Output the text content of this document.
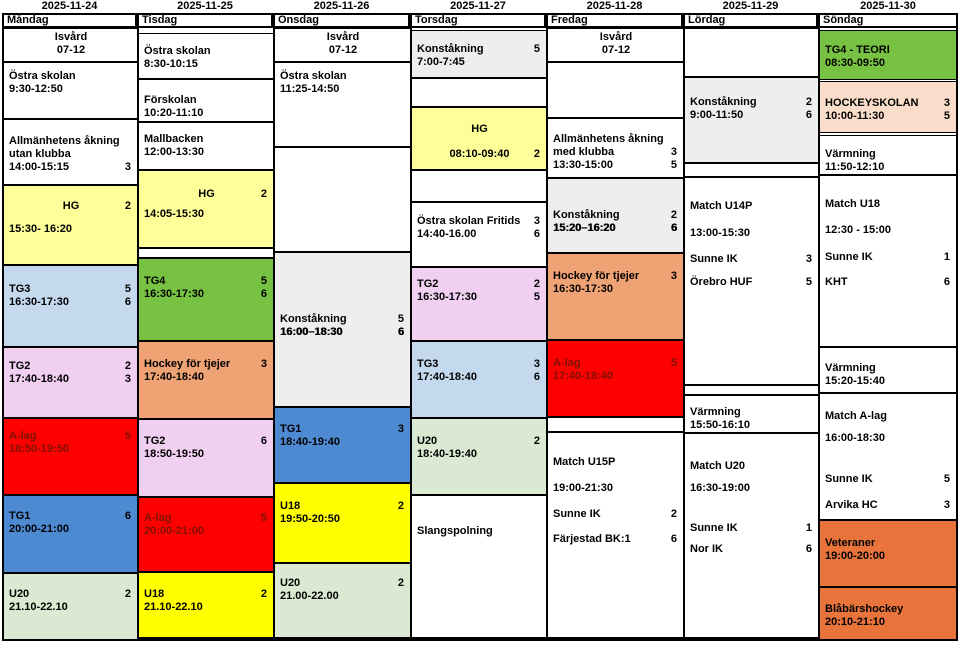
2025-11-24
Måndag
Isvård
07-12
Östra skolan
9:30-12:50
Allmänhetens åkning
utan klubba
14:00-15:15	3
HG	2
15:30- 16:20
TG3	5
16:30-17:30	6
TG2	2
17:40-18:40	3
A-lag	5
18:50-19:50
TG1	6
20:00-21:00
U20	2
21.10-22.10
2025-11-25
Tisdag
Östra skolan
8:30-10:15
Förskolan
10:20-11:10
Mallbacken
12:00-13:30
HG	2
14:05-15:30
TG4	5
16:30-17:30	6
Hockey för tjejer	3
17:40-18:40
TG2	6
18:50-19:50
A-lag	5
20:00-21:00
U18	2
21.10-22.10
2025-11-26
Onsdag
Isvård
07-12
Östra skolan
11:25-14:50
Konståkning	5
16:00–18:30	6
TG1	3
18:40-19:40
U18	2
19:50-20:50
U20	2
21.00-22.00
2025-11-27
Torsdag
Konståkning	5
7:00-7:45
HG
08:10-09:40	2
Östra skolan Fritids 3
14:40-16.00	6
TG2	2
16:30-17:30	5
TG3	3
17:40-18:40	6
U20	2
18:40-19:40
Slangspolning
2025-11-28
Fredag
Isvård
07-12
Allmänhetens åkning
med klubba	3
13:30-15:00	5
Konståkning	2
15:20–16:20	6
Hockey för tjejer	3
16:30-17:30
A-lag	5
17:40-18:40
Match U15P
19:00-21:30
Sunne IK	2
Färjestad BK:1	6
2025-11-29
Lördag
Konståkning	2
9:00-11:50	6
Match U14P
13:00-15:30
Sunne IK	3
Örebro HUF	5
Värmning
15:50-16:10
Match U20
16:30-19:00
Sunne IK	1
Nor IK	6
2025-11-30
Söndag
TG4 - TEORI
08:30-09:50
HOCKEYSKOLAN 3
10:00-11:30	5
Värmning
11:50-12:10
Match U18
12:30 - 15:00
Sunne IK	1
KHT	6
Värmning
15:20-15:40
Match A-lag
16:00-18:30
Sunne IK	5
Arvika HC	3
Veteraner
19:00-20:00
Blåbärshockey
20:10-21:10
